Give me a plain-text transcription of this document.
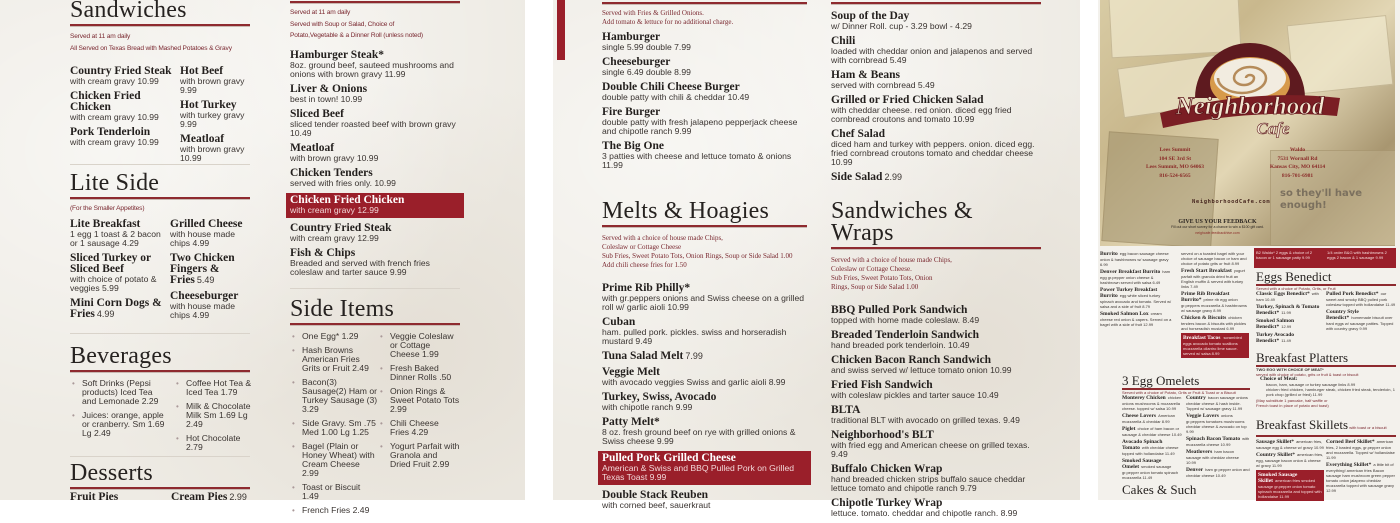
Sandwiches
Served at 11 am daily
All Served on Texas Bread with Mashed Potatoes & Gravy
Country Fried Steak
with cream gravy 10.99
Chicken Fried Chicken
with cream gravy 10.99
Pork Tenderloin
with cream gravy 10.99
Hot Beef
with brown gravy 9.99
Hot Turkey
with turkey gravy 9.99
Meatloaf
with brown gravy 10.99
Lite Side
(For the Smaller Appetites)
Lite Breakfast
1 egg 1 toast & 2 bacon or 1 sausage 4.29
Sliced Turkey or Sliced Beef
with choice of potato & veggies 5.99
Mini Corn Dogs & Fries 4.99
Grilled Cheese
with house made chips 4.99
Two Chicken Fingers & Fries 5.49
Cheeseburger
with house made chips 4.99
Beverages
• Soft Drinks (Pepsi products) Iced Tea and Lemonade 2.29
• Juices: orange, apple or cranberry. Sm 1.69 Lg 2.49
• Coffee Hot Tea & Iced Tea 1.79
• Milk & Chocolate Milk Sm 1.69 Lg 2.49
• Hot Chocolate 2.79
Desserts
Fruit Pies	Cream Pies 2.99
Served at 11 am daily
Served with Soup or Salad, Choice of
Potato,Vegetable & a Dinner Roll (unless noted)
Hamburger Steak*
8oz. ground beef, sauteed mushrooms and onions with brown gravy 11.99
Liver & Onions
best in town! 10.99
Sliced Beef
sliced tender roasted beef with brown gravy 10.49
Meatloaf
with brown gravy 10.99
Chicken Tenders
served with fries only. 10.99
Chicken Fried Chicken
with cream gravy 12.99
Country Fried Steak
with cream gravy 12.99
Fish & Chips
Breaded and served with french fries coleslaw and tarter sauce 9.99
Side Items
• One Egg* 1.29
• Hash Browns American Fries Grits or Fruit 2.49
• Bacon(3) Sausage(2) Ham or Turkey Sausage (3) 3.29
• Side Gravy. Sm .75 Med 1.00 Lg 1.25
• Bagel (Plain or Honey Wheat) with Cream Cheese 2.99
• Toast or Biscuit 1.49
• French Fries 2.49
• Veggie Coleslaw or Cottage Cheese 1.99
• Fresh Baked Dinner Rolls .50
• Onion Rings & Sweet Potato Tots 2.99
• Chili Cheese Fries 4.29
• Yogurt Parfait with Granola and Dried Fruit 2.99
Served with Fries & Grilled Onions.
Add tomato & lettuce for no additional charge.
Hamburger
single 5.99 double 7.99
Cheeseburger
single 6.49 double 8.99
Double Chili Cheese Burger
double patty with chili & cheddar 10.49
Fire Burger
double patty with fresh jalapeno pepperjack cheese and chipotle ranch 9.99
The Big One
3 patties with cheese and lettuce tomato & onions 11.99
Melts & Hoagies
Served with a choice of house made Chips,
Coleslaw or Cottage Cheese
Sub Fries, Sweet Potato Tots, Onion Rings, Soup or Side Salad 1.00
Add chili cheese fries for 1.50
Prime Rib Philly*
with gr.peppers onions and Swiss cheese on a grilled roll w/ garlic aioli 10.99
Cuban
ham. pulled pork. pickles. swiss and horseradish mustard 9.49
Tuna Salad Melt 7.99
Veggie Melt
with avocado veggies Swiss and garlic aioli 8.99
Turkey, Swiss, Avocado
with chipotle ranch 9.99
Patty Melt*
8 oz. fresh ground beef on rye with grilled onions & Swiss cheese 9.99
Pulled Pork Grilled Cheese
American & Swiss and BBQ Pulled Pork on Grilled Texas Toast 9.99
Double Stack Reuben
with corned beef, sauerkraut
Soup of the Day
w/ Dinner Roll. cup - 3.29 bowl - 4.29
Chili
loaded with cheddar onion and jalapenos and served with cornbread 5.49
Ham & Beans
served with cornbread 5.49
Grilled or Fried Chicken Salad
with cheddar cheese. red onion. diced egg fried cornbread croutons and tomato 10.99
Chef Salad
diced ham and turkey with peppers. onion. diced egg. fried cornbread croutons tomato and cheddar cheese 10.99
Side Salad 2.99
Sandwiches & Wraps
Served with a choice of house made Chips,
Coleslaw or Cottage Cheese.
Sub Fries, Sweet Potato Tots, Onion
Rings, Soup or Side Salad 1.00
BBQ Pulled Pork Sandwich
topped with home made coleslaw. 8.49
Breaded Tenderloin Sandwich
hand breaded pork tenderloin. 10.49
Chicken Bacon Ranch Sandwich
and swiss served w/ lettuce tomato onion 10.99
Fried Fish Sandwich
with coleslaw pickles and tarter sauce 10.49
BLTA
traditional BLT with avocado on grilled texas. 9.49
Neighborhood's BLT
with fried egg and American cheese on grilled texas. 9.49
Buffalo Chicken Wrap
hand breaded chicken strips buffalo sauce cheddar lettuce tomato and chipotle ranch 9.79
Chipotle Turkey Wrap
lettuce. tomato. cheddar and chipotle ranch. 8.99
so they'll have enough!
Neighborhood
Cafe
Lees Summit
104 SE 3rd St
Lees Summit, MO 64063
816-524-6565
Waldo
7531 Wornall Rd
Kansas City, MO 64114
816-701-6981
NeighborhoodCafe.com
GIVE US YOUR FEEDBACK
Fill out our short survey for a chance to win a $100 gift card.
neighcafe.feedbackhive.com
Burrito egg bacon sausage cheese onion & hashbrowns w/ sausage gravy 6.99
Denver Breakfast Burrito ham egg gr.pepper onion cheese & hashbrown served with salsa 6.49
Power Turkey Breakfast Burrito egg white sliced turkey spinach avocado and tomato. Served w/ salsa and a side of fruit 8.79
Smoked Salmon Lox cream cheese red onion & capers. Served on a bagel with a side of fruit 12.99
served on a toasted bagel with your choice of sausage bacon or ham and choice of potato grits or fruit 8.99
Fresh Start Breakfast yogurt parfait with granola dried fruit an English muffin & served with turkey links 7.49
Prime Rib Breakfast Burrito* prime rib egg onion gr.peppers mozzarella & hashbrowns w/ sausage gravy 8.99
Chicken & Biscuits chicken tenders bacon & biscuits with pickles and horseradish mustard 6.99
Breakfast Tacos scrambled eggs avocado tomato scallions mozzarella cilantro lime sauce. served w/ salsa 8.99
B2 Waldo* 2 eggs & choice of 2 bacon or 1 sausage patty 9.99
1/4 order B&G with hashbrowns 2 eggs 2 bacon & 1 sausage 9.99
Eggs Benedict
Served with a choice of Potato, Grits, or Fruit
Classic Eggs Benedict* with ham 10.49
Turkey, Spinach & Tomato Benedict* 11.99
Smoked Salmon Benedict* 12.99
Turkey Avocado Benedict* 11.49
Pulled Pork Benedict* our sweet and smoky BBQ pulled pork coleslaw topped with hollandaise 11.49
Country Style Benedict* homemade biscuit over hard eggs w/ sausage patties. Topped with country gravy 9.99
Breakfast Platters
TWO EGG WITH CHOICE OF MEAT*
served with choice of potato, grits or fruit & toast or biscuit
Choice of Meat:
bacon, ham, sausage or turkey sausage links 8.99
chicken fried chicken, hamburger steak, chicken fried steak, tenderloin, 1 pork chop (grilled or fried) 11.99
(May substitute 1 pancake, half waffle or French toast in place of potato and toast)
Breakfast Skillets with toast or a biscuit
Sausage Skillet* american fries, sausage egg & cheese w/ gravy 10.99
Country Skillet* american fries, egg, sausage bacon onion & cheese w/ gravy 11.99
Smoked Sausage Skillet american fries smoked sausage gr.pepper onion tomato spinach mozzarella and topped with hollandaise 11.99
Corned Beef Skillet* american fries, 2 basted eggs, gr.pepper onion and mozzarella. Topped w/ hollandaise 11.99
Everything Skillet* a little bit of everything! american fries Bacon sausage ham mushroom green pepper tomato onion jalapeno cheddar mozzarella topped with sausage gravy 12.99
3 Egg Omelets
Served with a choice of Potato, Grits or Fruit & Toast or a Biscuit
Monterey Chicken chicken onions mushrooms & mozzarella cheese. topped w/ salsa 10.99
Cheese Lovers American mozzarella & cheddar 8.99
Piglet choice of ham bacon or sausage & cheddar cheese 10.49
Avocado Spinach Tomato with cheddar cheese topped with hollandaise 11.49
Smoked Sausage Omelet smoked sausage gr.pepper onion tomato spinach mozzarella 11.49
Country bacon sausage onions cheddar cheese & hash inside. Topped w/ sausage gravy 11.99
Veggie Lovers onions gr.peppers tomatoes mushrooms cheddar cheese & avocado on top 9.99
Spinach Bacon Tomato with mozzarella cheese 10.99
Meatlovers ham bacon sausage with cheddar cheese 10.99
Denver ham gr.pepper onion and cheddar cheese 10.49
Cakes & Such
